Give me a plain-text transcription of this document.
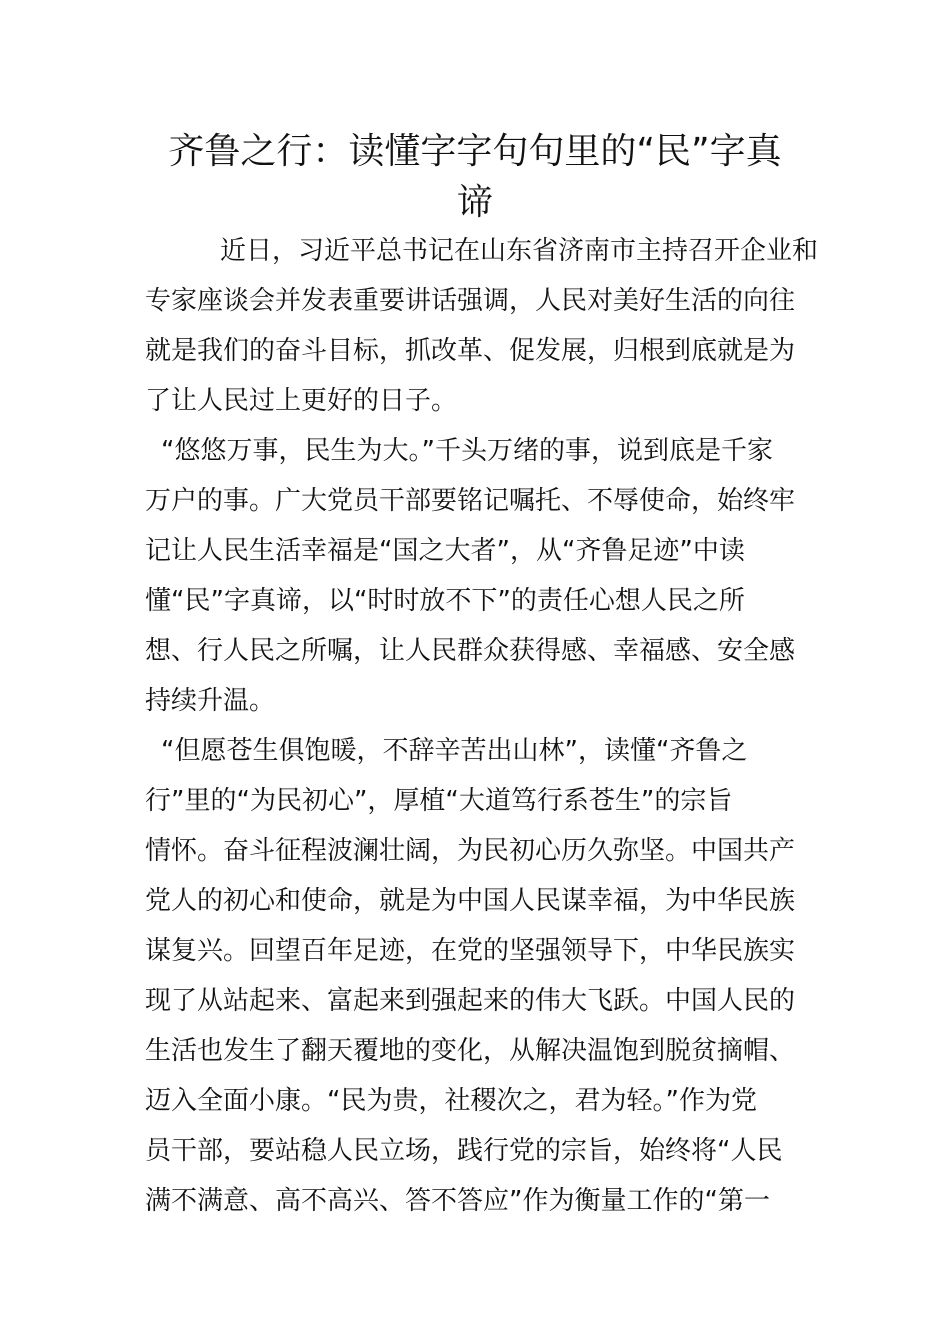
齐鲁之行：读懂字字句句里的“民”字真
谛
近日，习近平总书记在山东省济南市主持召开企业和
专家座谈会并发表重要讲话强调，人民对美好生活的向往
就是我们的奋斗目标，抓改革、促发展，归根到底就是为
了让人民过上更好的日子。
“悠悠万事，民生为大。”千头万绪的事，说到底是千家
万户的事。广大党员干部要铭记嘱托、不辱使命，始终牢
记让人民生活幸福是“国之大者”，从“齐鲁足迹”中读
懂“民”字真谛，以“时时放不下”的责任心想人民之所
想、行人民之所嘱，让人民群众获得感、幸福感、安全感
持续升温。
“但愿苍生俱饱暖，不辞辛苦出山林”，读懂“齐鲁之
行”里的“为民初心”，厚植“大道笃行系苍生”的宗旨
情怀。奋斗征程波澜壮阔，为民初心历久弥坚。中国共产
党人的初心和使命，就是为中国人民谋幸福，为中华民族
谋复兴。回望百年足迹，在党的坚强领导下，中华民族实
现了从站起来、富起来到强起来的伟大飞跃。中国人民的
生活也发生了翻天覆地的变化，从解决温饱到脱贫摘帽、
迈入全面小康。“民为贵，社稷次之，君为轻。”作为党
员干部，要站稳人民立场，践行党的宗旨，始终将“人民
满不满意、高不高兴、答不答应”作为衡量工作的“第一
